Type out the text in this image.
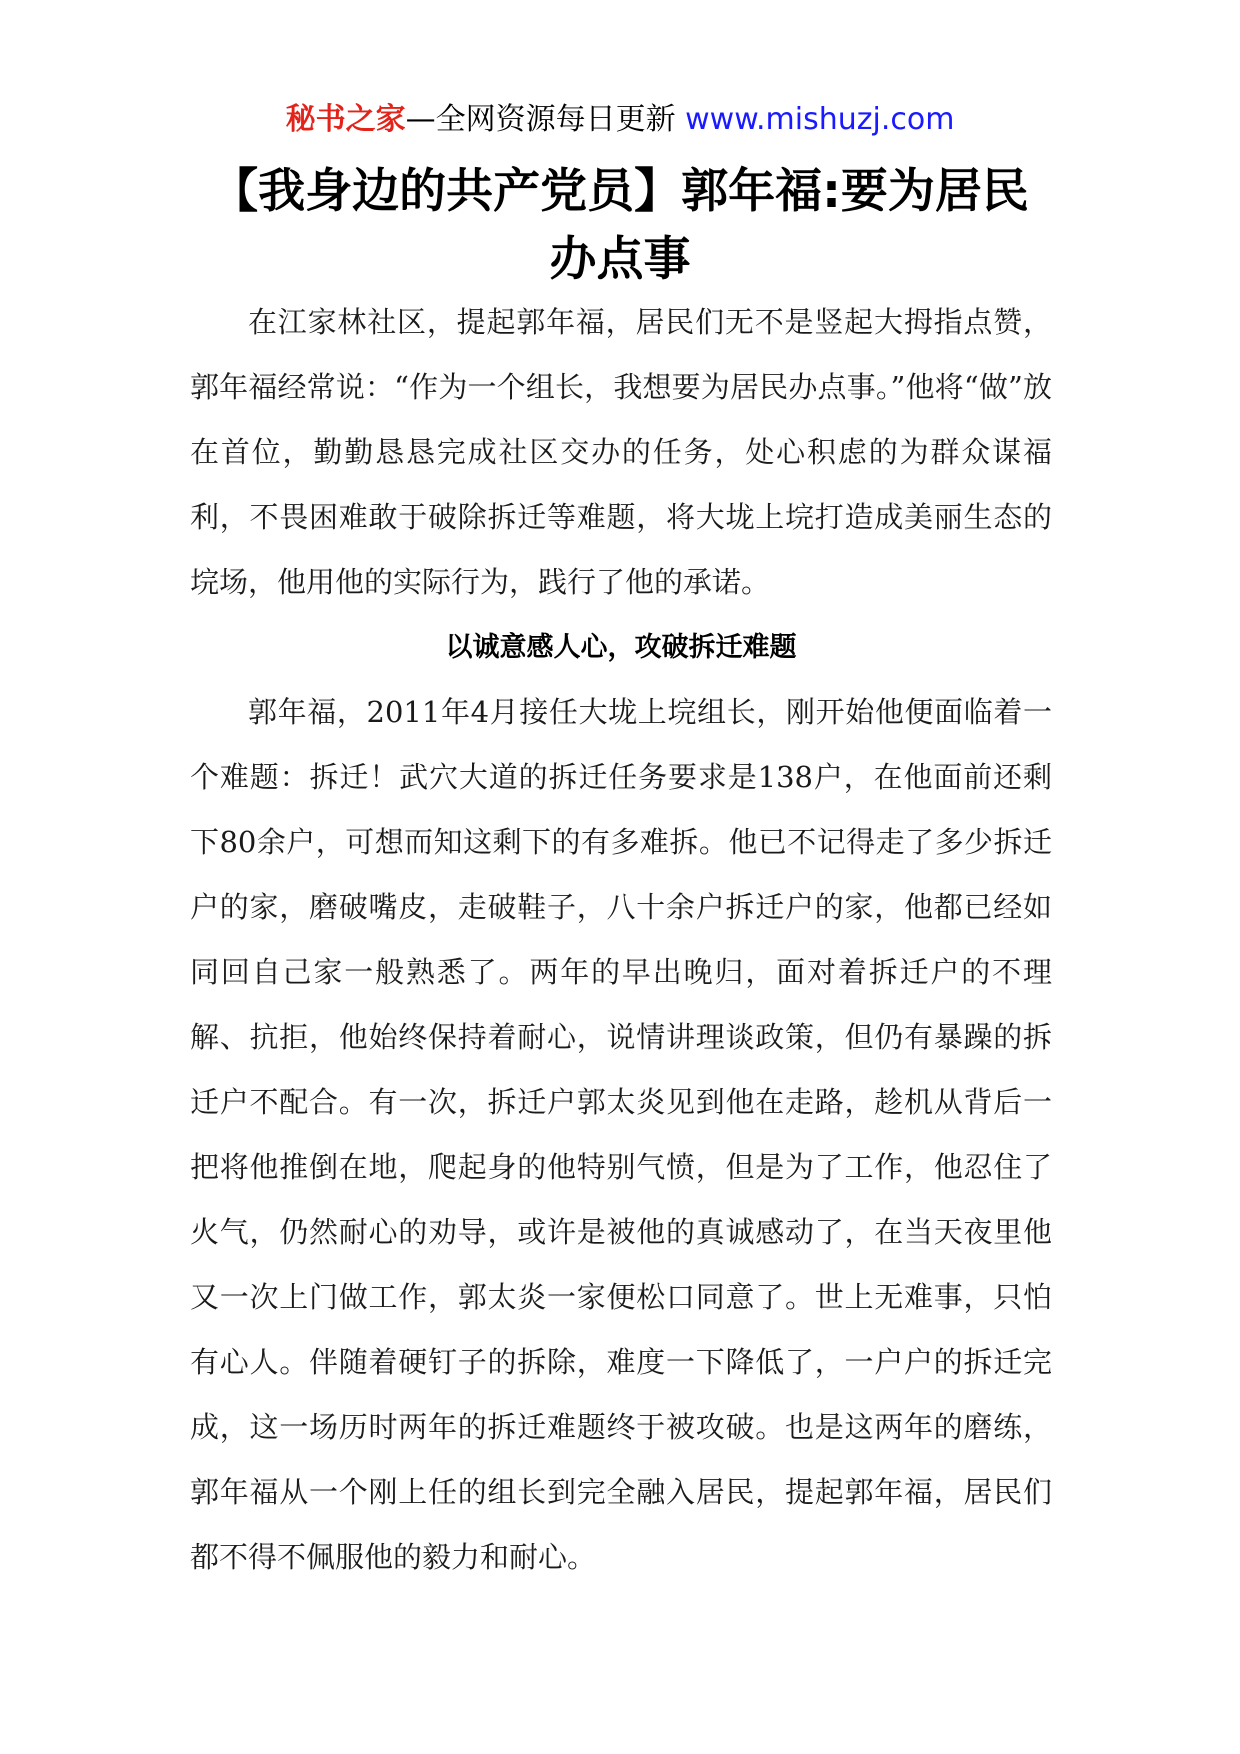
秘书之家—全网资源每日更新 www.mishuzj.com
【我身边的共产党员】郭年福:要为居民办点事

在江家林社区，提起郭年福，居民们无不是竖起大拇指点赞，郭年福经常说：“作为一个组长，我想要为居民办点事。”他将“做”放在首位，勤勤恳恳完成社区交办的任务，处心积虑的为群众谋福利，不畏困难敢于破除拆迁等难题，将大垅上垸打造成美丽生态的垸场，他用他的实际行为，践行了他的承诺。

以诚意感人心，攻破拆迁难题

郭年福，2011年4月接任大垅上垸组长，刚开始他便面临着一个难题：拆迁！武穴大道的拆迁任务要求是138户，在他面前还剩下80余户，可想而知这剩下的有多难拆。他已不记得走了多少拆迁户的家，磨破嘴皮，走破鞋子，八十余户拆迁户的家，他都已经如同回自己家一般熟悉了。两年的早出晚归，面对着拆迁户的不理解、抗拒，他始终保持着耐心，说情讲理谈政策，但仍有暴躁的拆迁户不配合。有一次，拆迁户郭太炎见到他在走路，趁机从背后一把将他推倒在地，爬起身的他特别气愤，但是为了工作，他忍住了火气，仍然耐心的劝导，或许是被他的真诚感动了，在当天夜里他又一次上门做工作，郭太炎一家便松口同意了。世上无难事，只怕有心人。伴随着硬钉子的拆除，难度一下降低了，一户户的拆迁完成，这一场历时两年的拆迁难题终于被攻破。也是这两年的磨练，郭年福从一个刚上任的组长到完全融入居民，提起郭年福，居民们都不得不佩服他的毅力和耐心。
